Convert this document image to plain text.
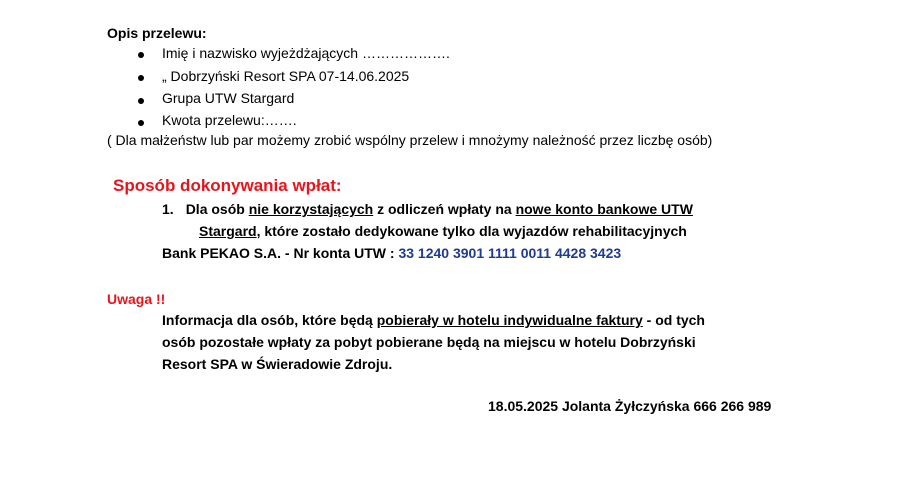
Opis przelewu:
Imię i nazwisko wyjeżdżających ……………….
„ Dobrzyński Resort SPA 07-14.06.2025
Grupa UTW Stargard
Kwota przelewu:…….
( Dla małżeństw lub par możemy zrobić wspólny przelew i mnożymy należność przez liczbę osób)
Sposób dokonywania wpłat:
1. Dla osób nie korzystających z odliczeń wpłaty na nowe konto bankowe UTW
Stargard, które zostało dedykowane tylko dla wyjazdów rehabilitacyjnych
Bank PEKAO S.A. - Nr konta UTW : 33 1240 3901 1111 0011 4428 3423
Uwaga !!
Informacja dla osób, które będą pobierały w hotelu indywidualne faktury - od tych
osób pozostałe wpłaty za pobyt pobierane będą na miejscu w hotelu Dobrzyński
Resort SPA w Świeradowie Zdroju.
18.05.2025 Jolanta Żyłczyńska 666 266 989
